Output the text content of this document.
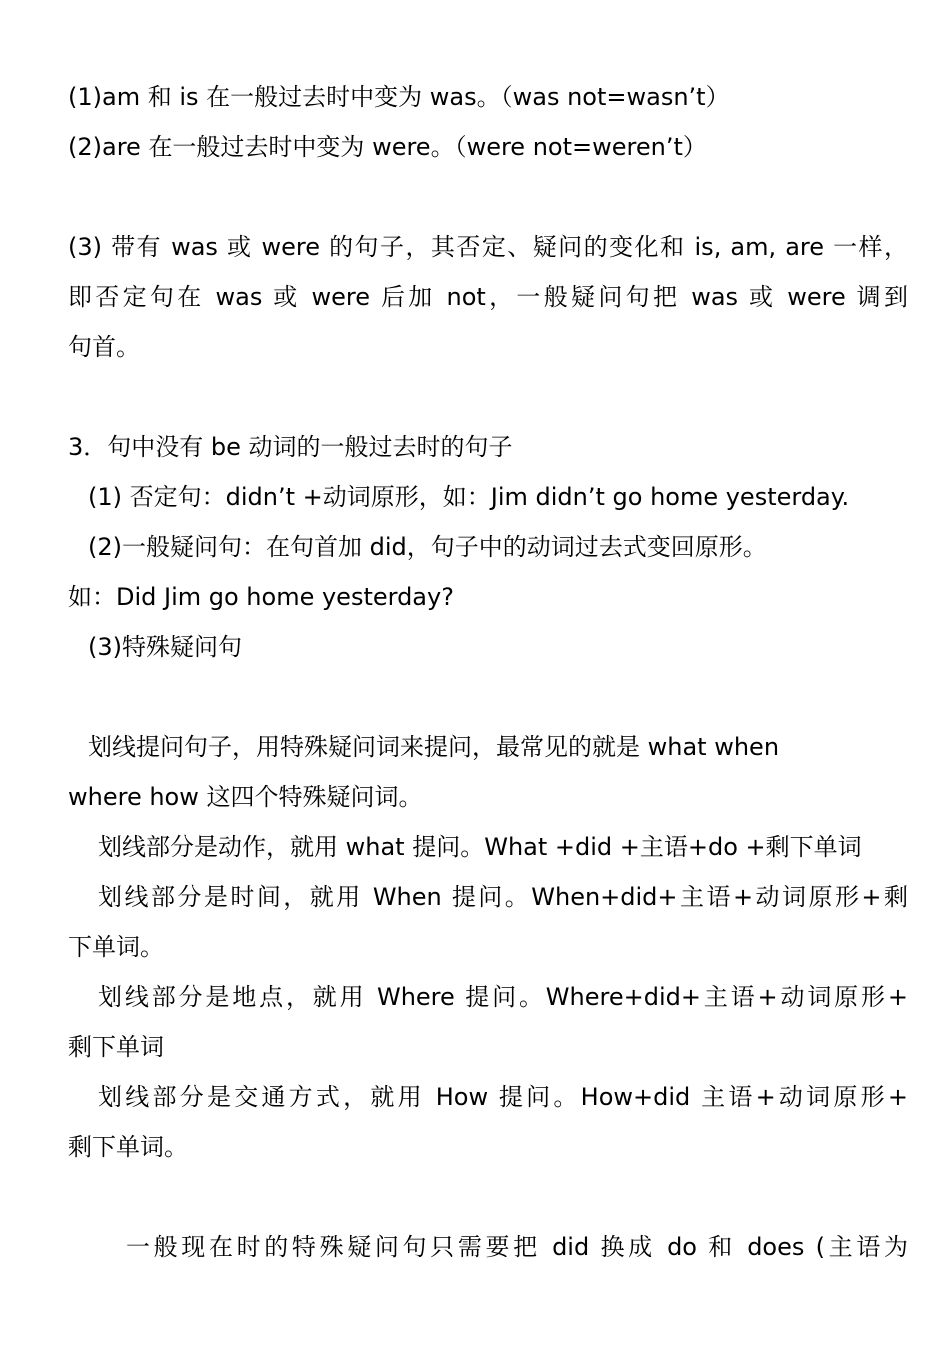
(1)am 和 is 在一般过去时中变为 was。（was not=wasn’t）
(2)are 在一般过去时中变为 were。（were not=weren’t）
(3) 带有 was 或 were 的句子，其否定、疑问的变化和 is, am, are 一样，
即否定句在 was 或 were 后加 not，一般疑问句把 was 或 were 调到
句首。
3．句中没有 be 动词的一般过去时的句子
(1) 否定句：didn’t +动词原形，如：Jim didn’t go home yesterday.
(2)一般疑问句：在句首加 did，句子中的动词过去式变回原形。
如：Did Jim go home yesterday?
(3)特殊疑问句
划线提问句子，用特殊疑问词来提问，最常见的就是 what when
where how 这四个特殊疑问词。
划线部分是动作，就用 what 提问。What +did +主语+do +剩下单词
划线部分是时间，就用 When 提问。When+did+主语+动词原形+剩
下单词。
划线部分是地点，就用 Where 提问。Where+did+主语+动词原形+
剩下单词
划线部分是交通方式，就用 How 提问。How+did 主语+动词原形+
剩下单词。
一般现在时的特殊疑问句只需要把 did 换成 do 和 does (主语为
